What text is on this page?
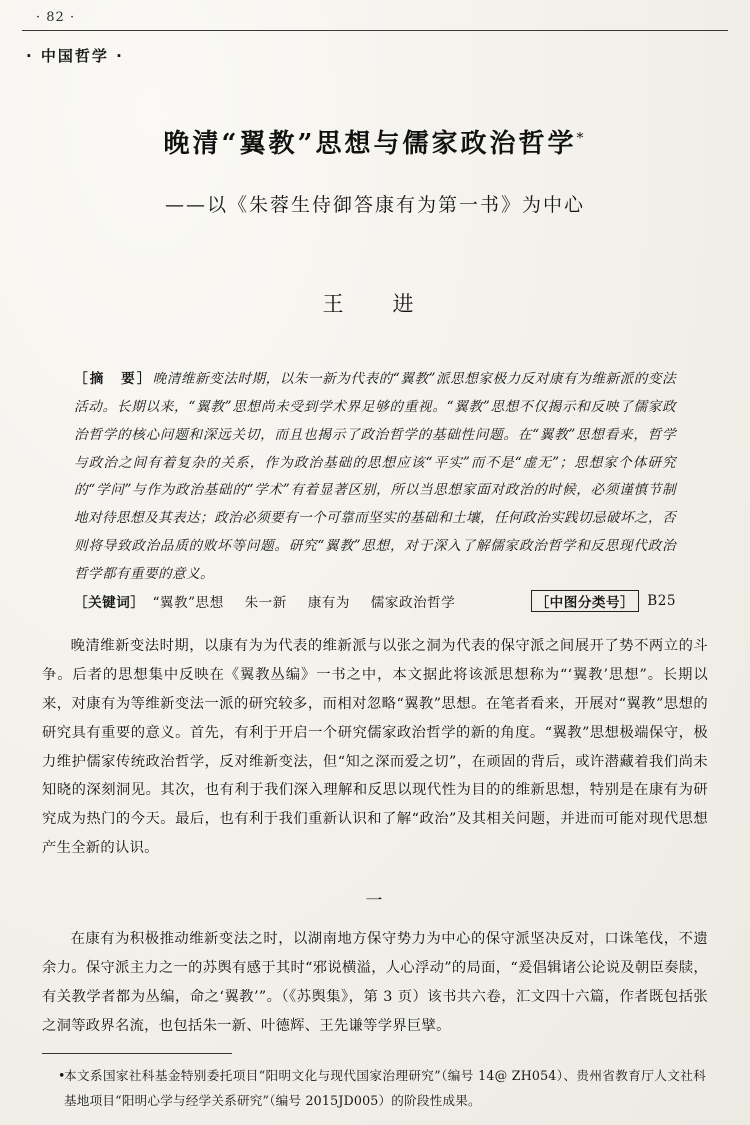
· 82 ·
· 中国哲学 ·
晚清“翼教”思想与儒家政治哲学*
——以《朱蓉生侍御答康有为第一书》为中心
王　进
［摘　要］晚清维新变法时期，以朱一新为代表的“翼教”派思想家极力反对康有为维新派的变法活动。长期以来，“翼教”思想尚未受到学术界足够的重视。“翼教”思想不仅揭示和反映了儒家政治哲学的核心问题和深远关切，而且也揭示了政治哲学的基础性问题。在“翼教”思想看来，哲学与政治之间有着复杂的关系，作为政治基础的思想应该“平实”而不是“虚无”；思想家个体研究的“学问”与作为政治基础的“学术”有着显著区别，所以当思想家面对政治的时候，必须谨慎节制地对待思想及其表达；政治必须要有一个可靠而坚实的基础和土壤，任何政治实践切忌破坏之，否则将导致政治品质的败坏等问题。研究“翼教”思想，对于深入了解儒家政治哲学和反思现代政治哲学都有重要的意义。
［关键词］ “翼教”思想 朱一新 康有为 儒家政治哲学	［中图分类号］ B25
晚清维新变法时期，以康有为为代表的维新派与以张之洞为代表的保守派之间展开了势不两立的斗争。后者的思想集中反映在《翼教丛编》一书之中，本文据此将该派思想称为“‘翼教’思想”。长期以来，对康有为等维新变法一派的研究较多，而相对忽略“翼教”思想。在笔者看来，开展对“翼教”思想的研究具有重要的意义。首先，有利于开启一个研究儒家政治哲学的新的角度。“翼教”思想极端保守，极力维护儒家传统政治哲学，反对维新变法，但“知之深而爱之切”，在顽固的背后，或许潜藏着我们尚未知晓的深刻洞见。其次，也有利于我们深入理解和反思以现代性为目的的维新思想，特别是在康有为研究成为热门的今天。最后，也有利于我们重新认识和了解“政治”及其相关问题，并进而可能对现代思想产生全新的认识。
一
在康有为积极推动维新变法之时，以湖南地方保守势力为中心的保守派坚决反对，口诛笔伐，不遗余力。保守派主力之一的苏舆有感于其时“邪说横溢，人心浮动”的局面，“爰倡辑诸公论说及朝臣奏牍，有关教学者都为丛编，命之‘翼教’”。（《苏舆集》，第 3 页）该书共六卷，汇文四十六篇，作者既包括张之洞等政界名流，也包括朱一新、叶德辉、王先谦等学界巨擘。
•
本文系国家社科基金特别委托项目“阳明文化与现代国家治理研究”（编号 14@ ZH054）、贵州省教育厅人文社科基地项目“阳明心学与经学关系研究”（编号 2015JD005）的阶段性成果。
